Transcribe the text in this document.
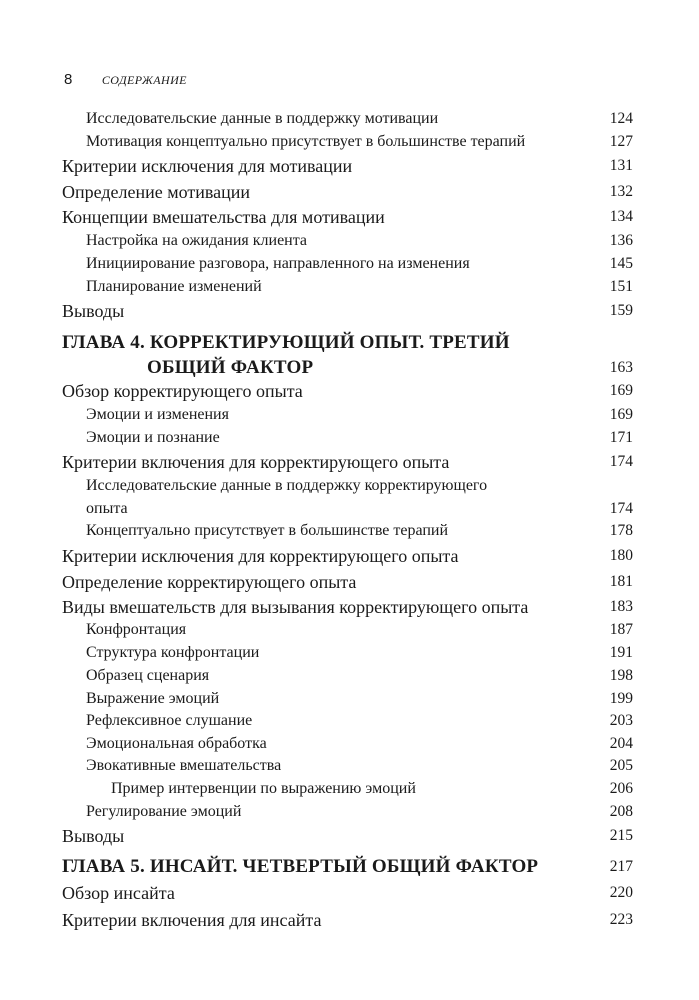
8 СОДЕРЖАНИЕ
Исследовательские данные в поддержку мотивации	124
Мотивация концептуально присутствует в большинстве терапий	127
Критерии исключения для мотивации	131
Определение мотивации	132
Концепции вмешательства для мотивации	134
Настройка на ожидания клиента	136
Инициирование разговора, направленного на изменения	145
Планирование изменений	151
Выводы	159
ГЛАВА 4. КОРРЕКТИРУЮЩИЙ ОПЫТ. ТРЕТИЙ
ОБЩИЙ ФАКТОР	163
Обзор корректирующего опыта	169
Эмоции и изменения	169
Эмоции и познание	171
Критерии включения для корректирующего опыта	174
Исследовательские данные в поддержку корректирующего
опыта	174
Концептуально присутствует в большинстве терапий	178
Критерии исключения для корректирующего опыта	180
Определение корректирующего опыта	181
Виды вмешательств для вызывания корректирующего опыта	183
Конфронтация	187
Структура конфронтации	191
Образец сценария	198
Выражение эмоций	199
Рефлексивное слушание	203
Эмоциональная обработка	204
Эвокативные вмешательства	205
Пример интервенции по выражению эмоций	206
Регулирование эмоций	208
Выводы	215
ГЛАВА 5. ИНСАЙТ. ЧЕТВЕРТЫЙ ОБЩИЙ ФАКТОР	217
Обзор инсайта	220
Критерии включения для инсайта	223
